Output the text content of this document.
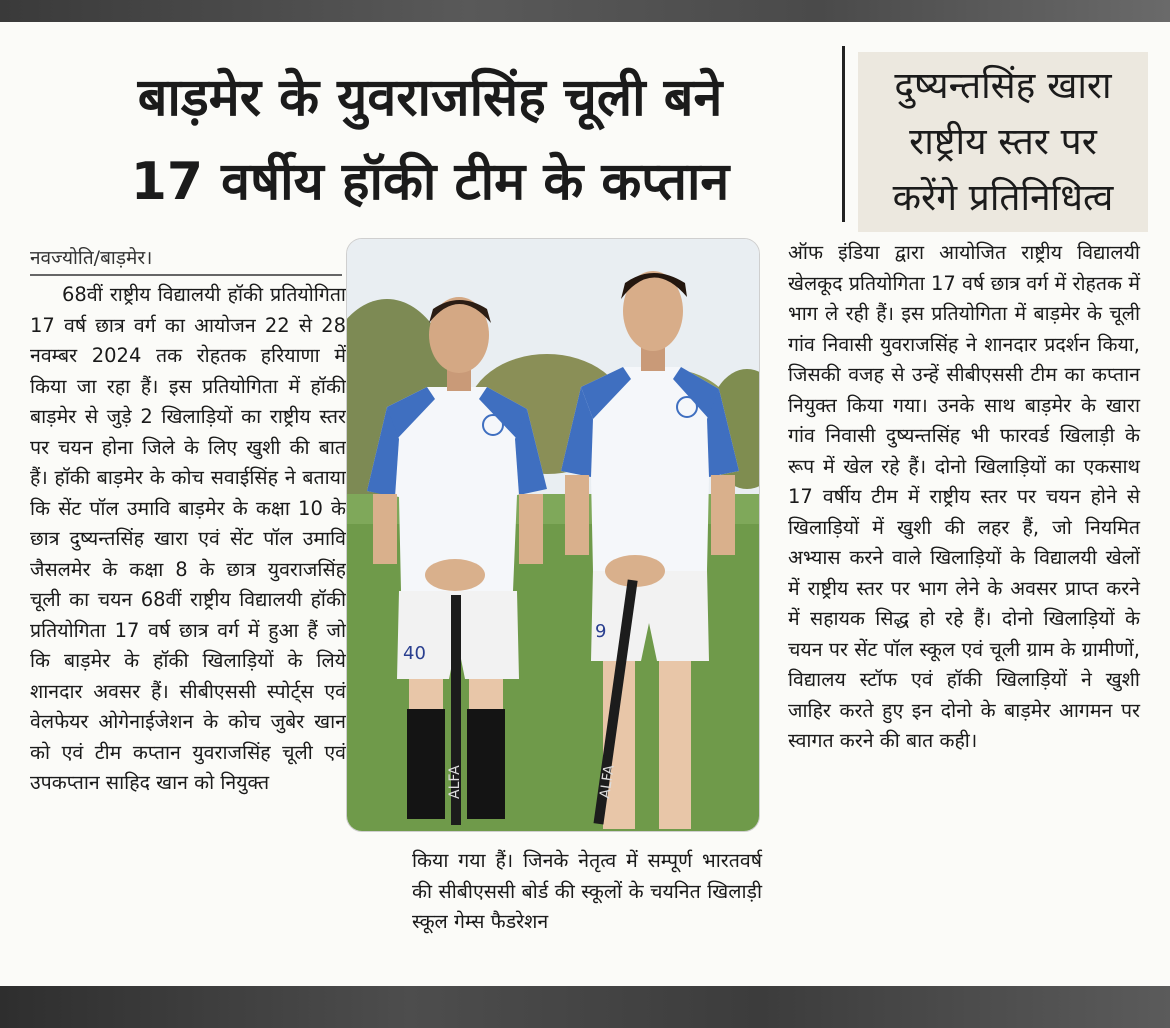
बाड़मेर के युवराजसिंह चूली बने
17 वर्षीय हॉकी टीम के कप्तान
दुष्यन्तसिंह खारा
राष्ट्रीय स्तर पर
करेंगे प्रतिनिधित्व
नवज्योति/बाड़मेर।

68वीं राष्ट्रीय विद्यालयी हॉकी प्रतियोगिता 17 वर्ष छात्र वर्ग का आयोजन 22 से 28 नवम्बर 2024 तक रोहतक हरियाणा में किया जा रहा हैं। इस प्रतियोगिता में हॉकी बाड़मेर से जुड़े 2 खिलाड़ियों का राष्ट्रीय स्तर पर चयन होना जिले के लिए खुशी की बात हैं। हॉकी बाड़मेर के कोच सवाईसिंह ने बताया कि सेंट पॉल उमावि बाड़मेर के कक्षा 10 के छात्र दुष्यन्तसिंह खारा एवं सेंट पॉल उमावि जैसलमेर के कक्षा 8 के छात्र युवराजसिंह चूली का चयन 68वीं राष्ट्रीय विद्यालयी हॉकी प्रतियोगिता 17 वर्ष छात्र वर्ग में हुआ हैं जो कि बाड़मेर के हॉकी खिलाड़ियों के लिये शानदार अवसर हैं। सीबीएससी स्पोर्ट्स एवं वेलफेयर ओगेनाईजेशन के कोच जुबेर खान को एवं टीम कप्तान युवराजसिंह चूली एवं उपकप्तान साहिद खान को नियुक्त

40
ALFA
9
ALFA

किया गया हैं। जिनके नेतृत्व में सम्पूर्ण भारतवर्ष की सीबीएससी बोर्ड की स्कूलों के चयनित खिलाड़ी स्कूल गेम्स फैडरेशन

ऑफ इंडिया द्वारा आयोजित राष्ट्रीय विद्यालयी खेलकूद प्रतियोगिता 17 वर्ष छात्र वर्ग में रोहतक में भाग ले रही हैं। इस प्रतियोगिता में बाड़मेर के चूली गांव निवासी युवराजसिंह ने शानदार प्रदर्शन किया, जिसकी वजह से उन्हें सीबीएससी टीम का कप्तान नियुक्त किया गया। उनके साथ बाड़मेर के खारा गांव निवासी दुष्यन्तसिंह भी फारवर्ड खिलाड़ी के रूप में खेल रहे हैं। दोनो खिलाड़ियों का एकसाथ 17 वर्षीय टीम में राष्ट्रीय स्तर पर चयन होने से खिलाड़ियों में खुशी की लहर हैं, जो नियमित अभ्यास करने वाले खिलाड़ियों के विद्यालयी खेलों में राष्ट्रीय स्तर पर भाग लेने के अवसर प्राप्त करने में सहायक सिद्ध हो रहे हैं। दोनो खिलाड़ियों के चयन पर सेंट पॉल स्कूल एवं चूली ग्राम के ग्रामीणों, विद्यालय स्टॉफ एवं हॉकी खिलाड़ियों ने खुशी जाहिर करते हुए इन दोनो के बाड़मेर आगमन पर स्वागत करने की बात कही।
